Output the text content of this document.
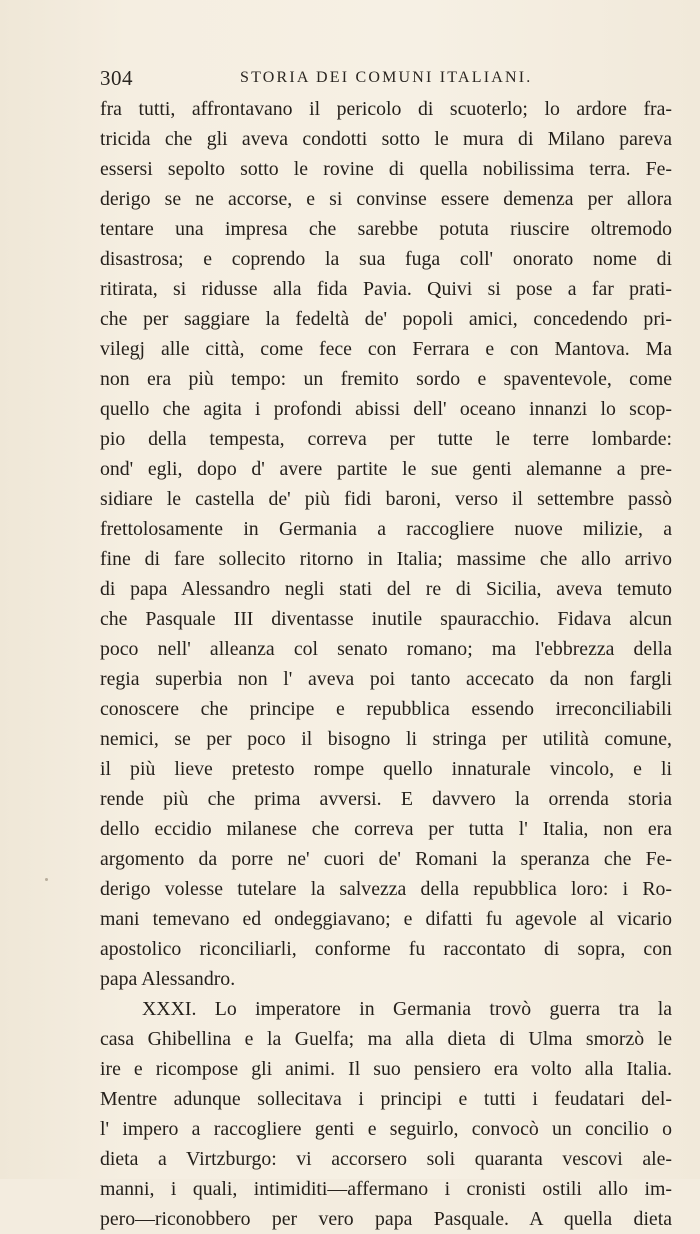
304	STORIA DEI COMUNI ITALIANI.
fra tutti, affrontavano il pericolo di scuoterlo; lo ardore fra-
tricida che gli aveva condotti sotto le mura di Milano pareva
essersi sepolto sotto le rovine di quella nobilissima terra. Fe-
derigo se ne accorse, e si convinse essere demenza per allora
tentare una impresa che sarebbe potuta riuscire oltremodo
disastrosa; e coprendo la sua fuga coll' onorato nome di
ritirata, si ridusse alla fida Pavia. Quivi si pose a far prati-
che per saggiare la fedeltà de' popoli amici, concedendo pri-
vilegj alle città, come fece con Ferrara e con Mantova. Ma
non era più tempo: un fremito sordo e spaventevole, come
quello che agita i profondi abissi dell' oceano innanzi lo scop-
pio della tempesta, correva per tutte le terre lombarde:
ond' egli, dopo d' avere partite le sue genti alemanne a pre-
sidiare le castella de' più fidi baroni, verso il settembre passò
frettolosamente in Germania a raccogliere nuove milizie, a
fine di fare sollecito ritorno in Italia; massime che allo arrivo
di papa Alessandro negli stati del re di Sicilia, aveva temuto
che Pasquale III diventasse inutile spauracchio. Fidava alcun
poco nell' alleanza col senato romano; ma l'ebbrezza della
regia superbia non l' aveva poi tanto accecato da non fargli
conoscere che principe e repubblica essendo irreconciliabili
nemici, se per poco il bisogno li stringa per utilità comune,
il più lieve pretesto rompe quello innaturale vincolo, e li
rende più che prima avversi. E davvero la orrenda storia
dello eccidio milanese che correva per tutta l' Italia, non era
argomento da porre ne' cuori de' Romani la speranza che Fe-
derigo volesse tutelare la salvezza della repubblica loro: i Ro-
mani temevano ed ondeggiavano; e difatti fu agevole al vicario
apostolico riconciliarli, conforme fu raccontato di sopra, con
papa Alessandro.
XXXI. Lo imperatore in Germania trovò guerra tra la
casa Ghibellina e la Guelfa; ma alla dieta di Ulma smorzò le
ire e ricompose gli animi. Il suo pensiero era volto alla Italia.
Mentre adunque sollecitava i principi e tutti i feudatari del-
l' impero a raccogliere genti e seguirlo, convocò un concilio o
dieta a Virtzburgo: vi accorsero soli quaranta vescovi ale-
manni, i quali, intimiditi—affermano i cronisti ostili allo im-
pero—riconobbero per vero papa Pasquale. A quella dieta
